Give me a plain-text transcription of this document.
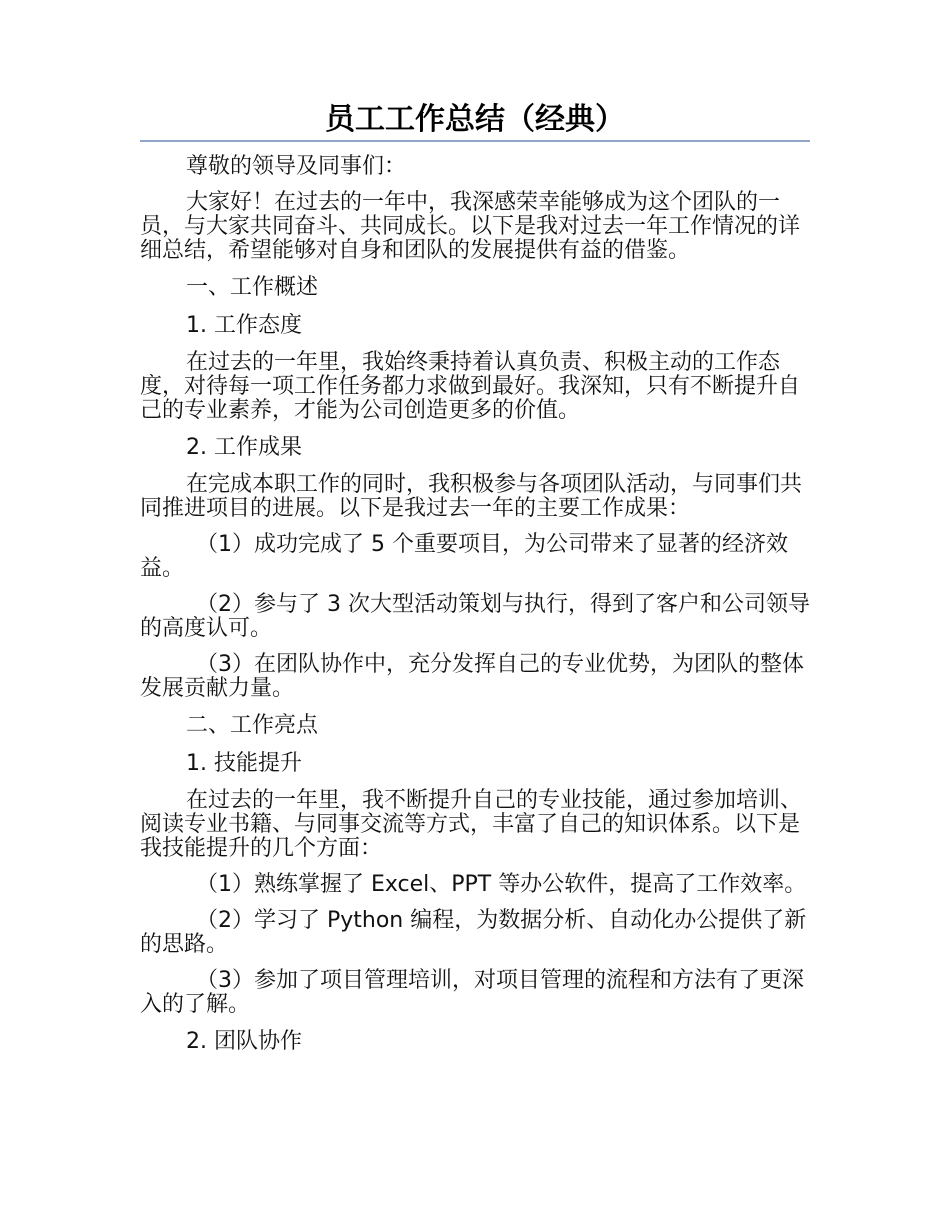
员工工作总结（经典）

尊敬的领导及同事们：

大家好！在过去的一年中，我深感荣幸能够成为这个团队的一员，与大家共同奋斗、共同成长。以下是我对过去一年工作情况的详细总结，希望能够对自身和团队的发展提供有益的借鉴。

一、工作概述

1. 工作态度

在过去的一年里，我始终秉持着认真负责、积极主动的工作态度，对待每一项工作任务都力求做到最好。我深知，只有不断提升自己的专业素养，才能为公司创造更多的价值。

2. 工作成果

在完成本职工作的同时，我积极参与各项团队活动，与同事们共同推进项目的进展。以下是我过去一年的主要工作成果：

（1）成功完成了 5 个重要项目，为公司带来了显著的经济效益。

（2）参与了 3 次大型活动策划与执行，得到了客户和公司领导的高度认可。

（3）在团队协作中，充分发挥自己的专业优势，为团队的整体发展贡献力量。

二、工作亮点

1. 技能提升

在过去的一年里，我不断提升自己的专业技能，通过参加培训、阅读专业书籍、与同事交流等方式，丰富了自己的知识体系。以下是我技能提升的几个方面：

（1）熟练掌握了 Excel、PPT 等办公软件，提高了工作效率。

（2）学习了 Python 编程，为数据分析、自动化办公提供了新的思路。

（3）参加了项目管理培训，对项目管理的流程和方法有了更深入的了解。

2. 团队协作
